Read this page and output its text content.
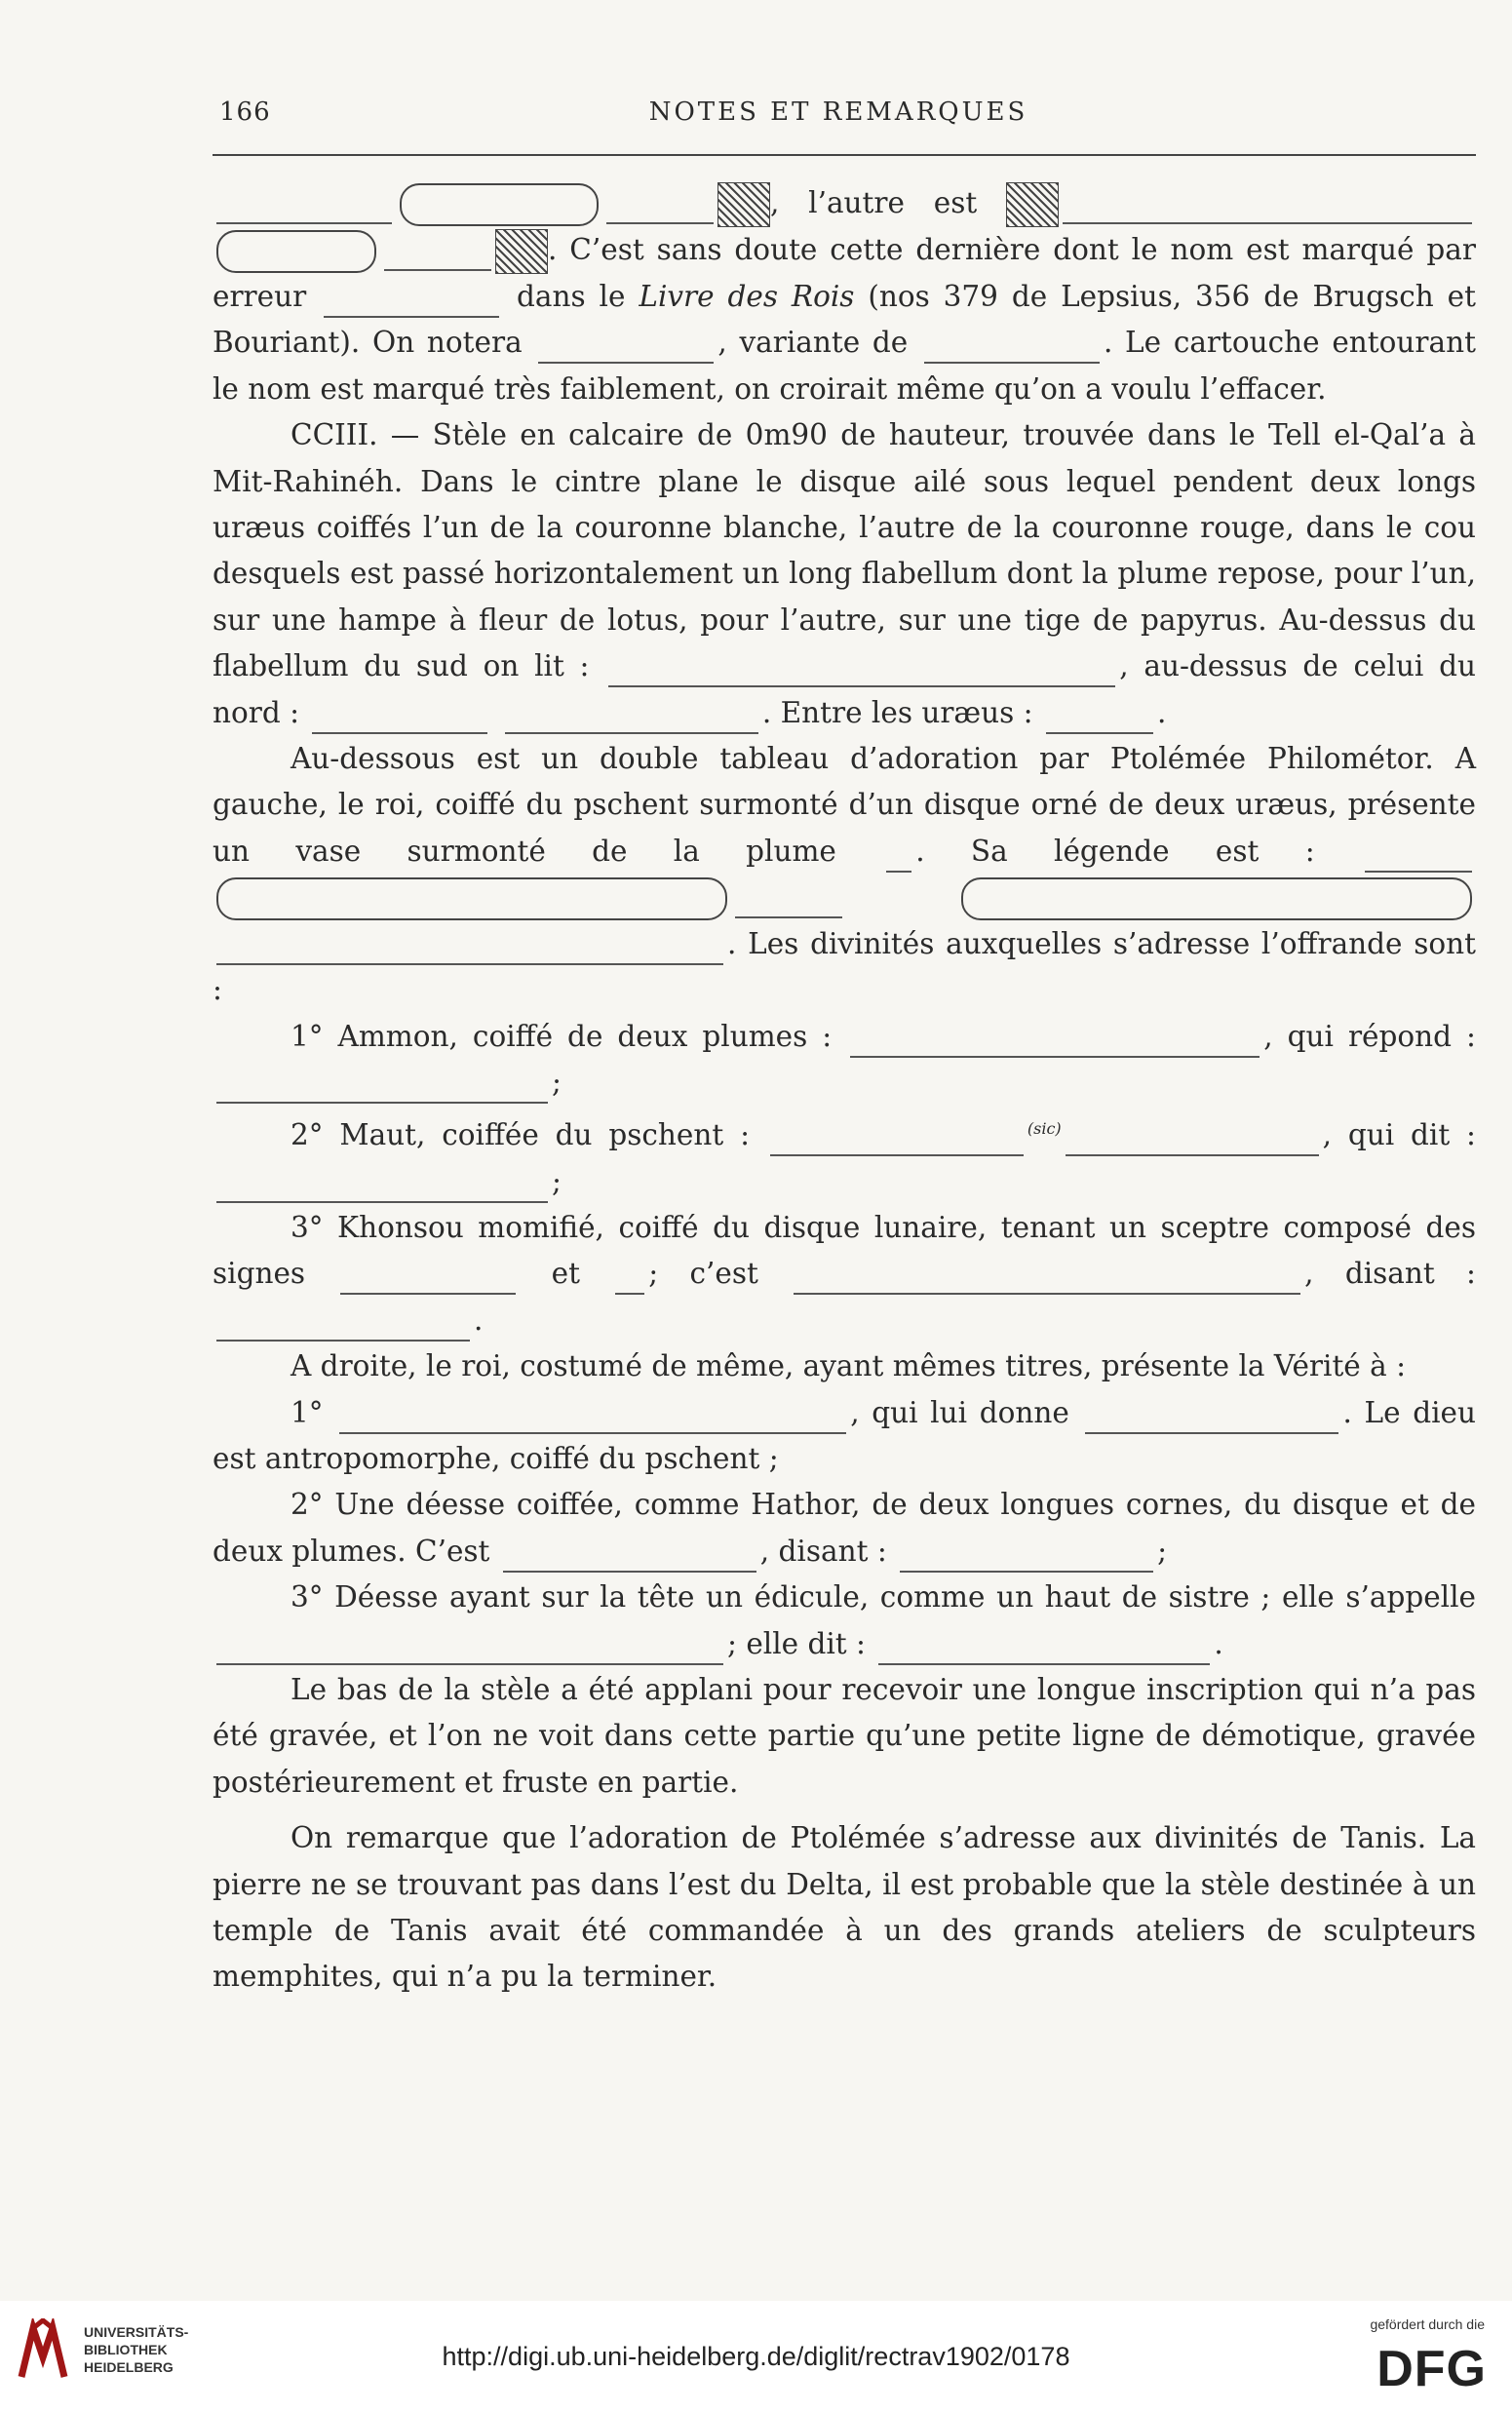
166	NOTES ET REMARQUES

, l’autre est  . C’est sans doute cette dernière dont le nom est marqué par erreur	dans le Livre des Rois (nos 379 de Lepsius, 356 de Brugsch et Bouriant). On notera	, variante de	. Le cartouche entourant le nom est marqué très faiblement, on croirait même qu’on a voulu l’effacer.

CCIII. — Stèle en calcaire de 0m90 de hauteur, trouvée dans le Tell el-Qal’a à Mit-Rahinéh. Dans le cintre plane le disque ailé sous lequel pendent deux longs uræus coiffés l’un de la couronne blanche, l’autre de la couronne rouge, dans le cou desquels est passé horizontalement un long flabellum dont la plume repose, pour l’un, sur une hampe à fleur de lotus, pour l’autre, sur une tige de papyrus. Au-dessus du flabellum du sud on lit :	, au-dessus de celui du nord :	. Entre les uræus :	.

Au-dessous est un double tableau d’adoration par Ptolémée Philométor. A gauche, le roi, coiffé du pschent surmonté d’un disque orné de deux uræus, présente un vase surmonté de la plume	. Sa légende est :  . Les divinités auxquelles s’adresse l’offrande sont :

1° Ammon, coiffé de deux plumes :	, qui répond : ;

2° Maut, coiffée du pschent :	$^{(sic)}$	, qui dit : ;

3° Khonsou momifié, coiffé du disque lunaire, tenant un sceptre composé des signes	et ; c’est	, disant : .

A droite, le roi, costumé de même, ayant mêmes titres, présente la Vérité à :

1°	, qui lui donne	. Le dieu est antropomorphe, coiffé du pschent ;

2° Une déesse coiffée, comme Hathor, de deux longues cornes, du disque et de deux plumes. C’est	, disant :	;

3° Déesse ayant sur la tête un édicule, comme un haut de sistre ; elle s’appelle ; elle dit :	.

Le bas de la stèle a été applani pour recevoir une longue inscription qui n’a pas été gravée, et l’on ne voit dans cette partie qu’une petite ligne de démotique, gravée postérieurement et fruste en partie.

On remarque que l’adoration de Ptolémée s’adresse aux divinités de Tanis. La pierre ne se trouvant pas dans l’est du Delta, il est probable que la stèle destinée à un temple de Tanis avait été commandée à un des grands ateliers de sculpteurs memphites, qui n’a pu la terminer.

UNIVERSITÄTS-
BIBLIOTHEK
HEIDELBERG	http://digi.ub.uni-heidelberg.de/diglit/rectrav1902/0178
gefördert durch die
DFG
